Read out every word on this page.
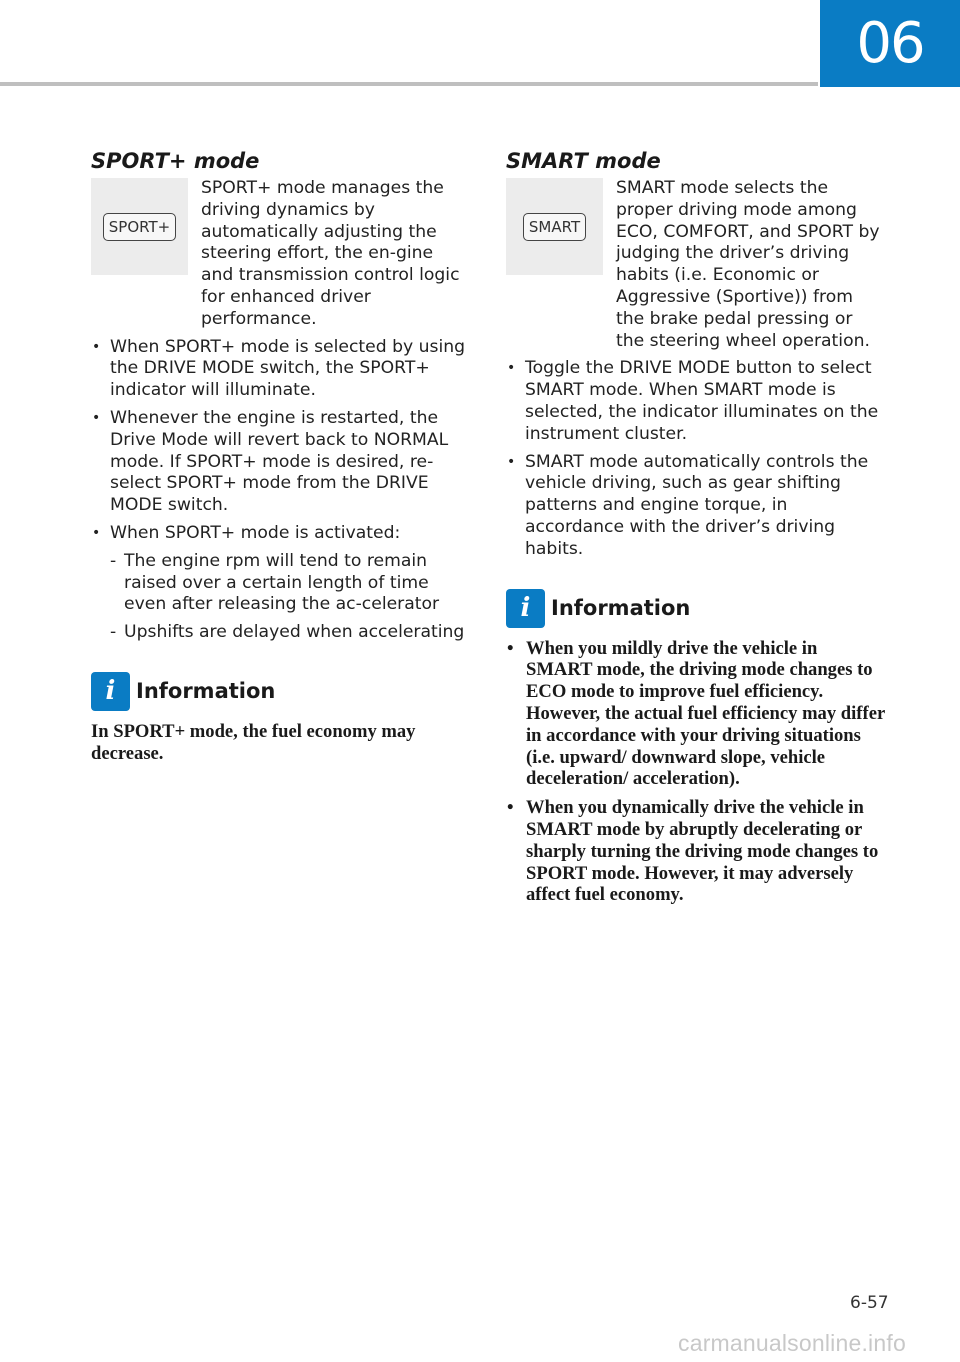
06
SPORT+ mode
SPORT+

SPORT+ mode manages the driving dynamics by automatically adjusting the steering effort, the en-gine and transmission control logic for enhanced driver performance.

• When SPORT+ mode is selected by using the DRIVE MODE switch, the SPORT+ indicator will illuminate.
• Whenever the engine is restarted, the Drive Mode will revert back to NORMAL mode. If SPORT+ mode is desired, re-select SPORT+ mode from the DRIVE MODE switch.
• When SPORT+ mode is activated:
- The engine rpm will tend to remain raised over a certain length of time even after releasing the ac-celerator
- Upshifts are delayed when accelerating
i Information

In SPORT+ mode, the fuel economy may decrease.

SMART mode
SMART

SMART mode selects the proper driving mode among ECO, COMFORT, and SPORT by judging the driver’s driving habits (i.e. Economic or Aggressive (Sportive)) from the brake pedal pressing or the steering wheel operation.

• Toggle the DRIVE MODE button to select SMART mode. When SMART mode is selected, the indicator illuminates on the instrument cluster.
• SMART mode automatically controls the vehicle driving, such as gear shifting patterns and engine torque, in accordance with the driver’s driving habits.
i Information
• When you mildly drive the vehicle in SMART mode, the driving mode changes to ECO mode to improve fuel efficiency. However, the actual fuel efficiency may differ in accordance with your driving situations (i.e. upward/ downward slope, vehicle deceleration/ acceleration).
• When you dynamically drive the vehicle in SMART mode by abruptly decelerating or sharply turning the driving mode changes to SPORT mode. However, it may adversely affect fuel economy.
6-57
carmanualsonline.info
